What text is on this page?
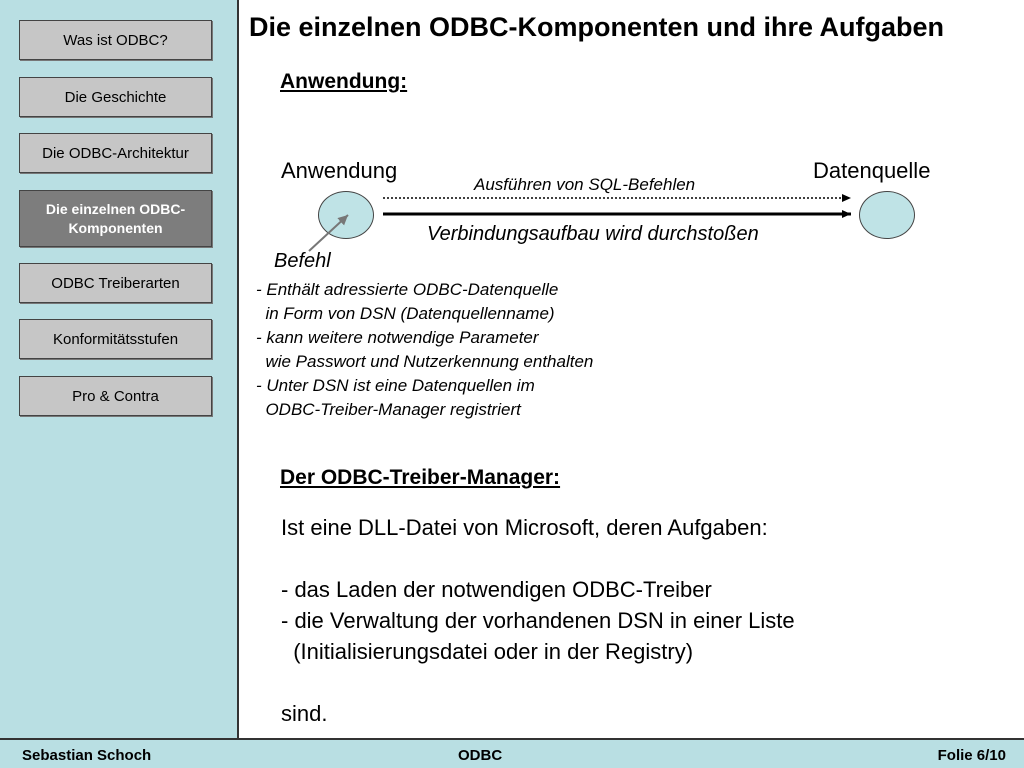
Was ist ODBC?
Die Geschichte
Die ODBC-Architektur
Die einzelnen ODBC-
Komponenten
ODBC Treiberarten
Konformitätsstufen
Pro & Contra
Die einzelnen ODBC-Komponenten und ihre Aufgaben
Anwendung:
Anwendung	Datenquelle
Ausführen von SQL-Befehlen
Verbindungsaufbau wird durchstoßen
Befehl
- Enthält adressierte ODBC-Datenquelle
in Form von DSN (Datenquellenname)
- kann weitere notwendige Parameter
wie Passwort und Nutzerkennung enthalten
- Unter DSN ist eine Datenquellen im
ODBC-Treiber-Manager registriert
Der ODBC-Treiber-Manager:
Ist eine DLL-Datei von Microsoft, deren Aufgaben:
- das Laden der notwendigen ODBC-Treiber
- die Verwaltung der vorhandenen DSN in einer Liste
(Initialisierungsdatei oder in der Registry)
sind.
Sebastian Schoch	ODBC	Folie 6/10
